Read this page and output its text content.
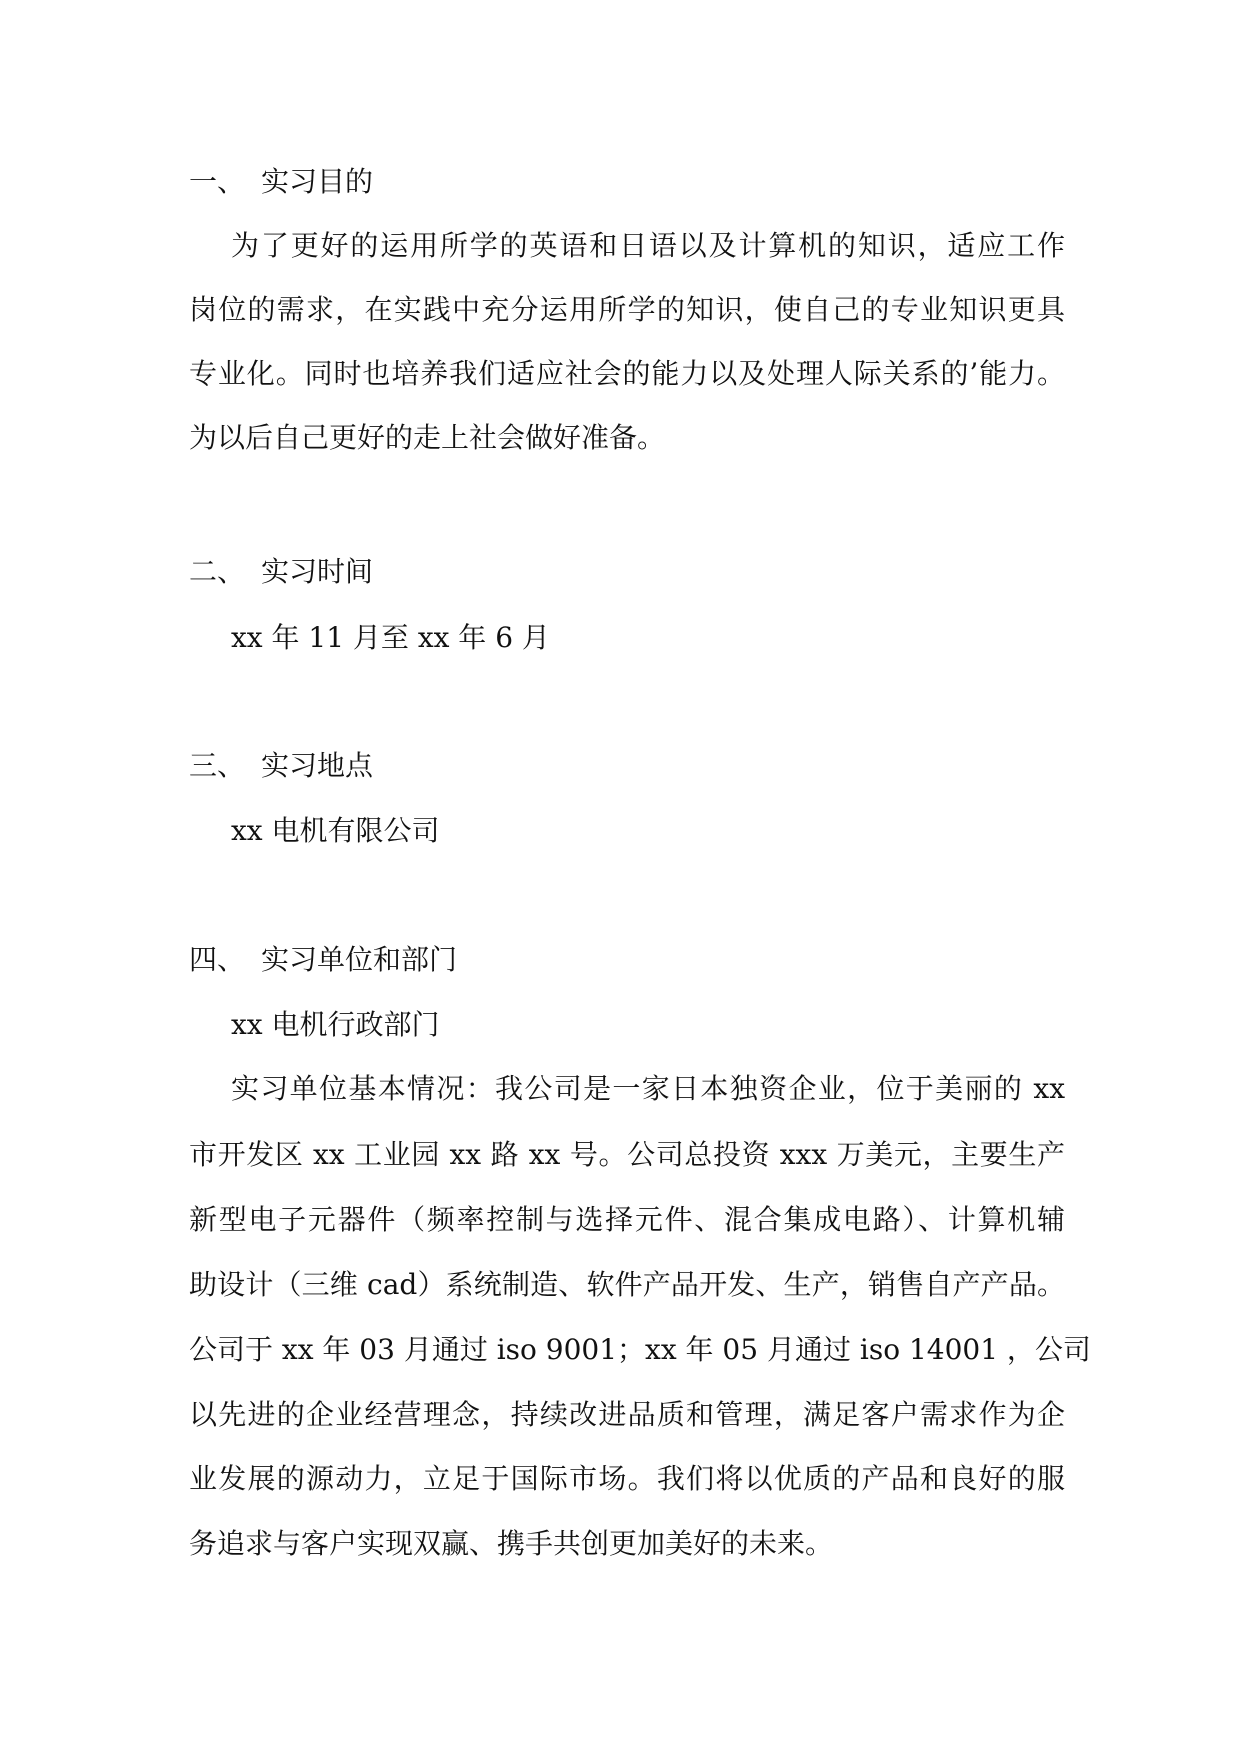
一、 实习目的
为了更好的运用所学的英语和日语以及计算机的知识，适应工作
岗位的需求，在实践中充分运用所学的知识，使自己的专业知识更具
专业化。同时也培养我们适应社会的能力以及处理人际关系的’能力。
为以后自己更好的走上社会做好准备。
二、 实习时间
xx 年 11 月至 xx 年 6 月
三、 实习地点
xx 电机有限公司
四、 实习单位和部门
xx 电机行政部门
实习单位基本情况：我公司是一家日本独资企业，位于美丽的 xx
市开发区 xx 工业园 xx 路 xx 号。公司总投资 xxx 万美元，主要生产
新型电子元器件（频率控制与选择元件、混合集成电路）、计算机辅
助设计（三维 cad）系统制造、软件产品开发、生产，销售自产产品。
公司于 xx 年 03 月通过 iso 9001；xx 年 05 月通过 iso 14001 ，公司
以先进的企业经营理念，持续改进品质和管理，满足客户需求作为企
业发展的源动力，立足于国际市场。我们将以优质的产品和良好的服
务追求与客户实现双赢、携手共创更加美好的未来。
